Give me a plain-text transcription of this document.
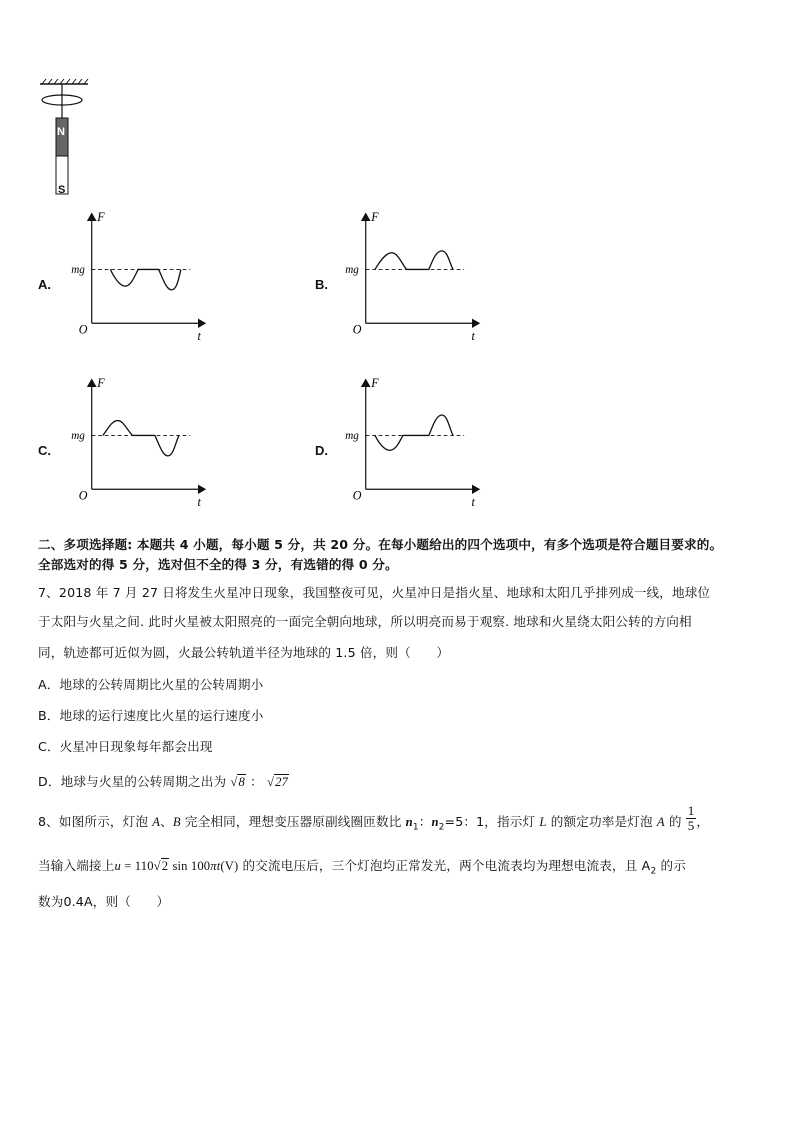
N
S
A.	B.
C.	D.
F
t
O
mg
F
t
O
mg
F
t
O
mg
F
t
O
mg
二、多项选择题: 本题共 4 小题，每小题 5 分，共 20 分。在每小题给出的四个选项中，有多个选项是符合题目要求的。
全部选对的得 5 分，选对但不全的得 3 分，有选错的得 0 分。
7、2018 年 7 月 27 日将发生火星冲日现象，我国整夜可见，火星冲日是指火星、地球和太阳几乎排列成一线，地球位
于太阳与火星之间. 此时火星被太阳照亮的一面完全朝向地球，所以明亮而易于观察. 地球和火星绕太阳公转的方向相
同，轨迹都可近似为圆，火最公转轨道半径为地球的 1.5 倍，则（　　）
A．地球的公转周期比火星的公转周期小
B．地球的运行速度比火星的运行速度小
C．火星冲日现象每年都会出现
D．地球与火星的公转周期之出为 √8 ： √27
8、如图所示，灯泡 A、B 完全相同，理想变压器原副线圈匝数比 $n_1$：$n_2=5$：1，指示灯 L 的额定功率是灯泡 A 的 $\frac{1}{5}$ ，
当输入端接上u = 110√2 sin 100πt(V) 的交流电压后，三个灯泡均正常发光，两个电流表均为理想电流表，且 $A_2$ 的示
数为0.4A，则（　　）
